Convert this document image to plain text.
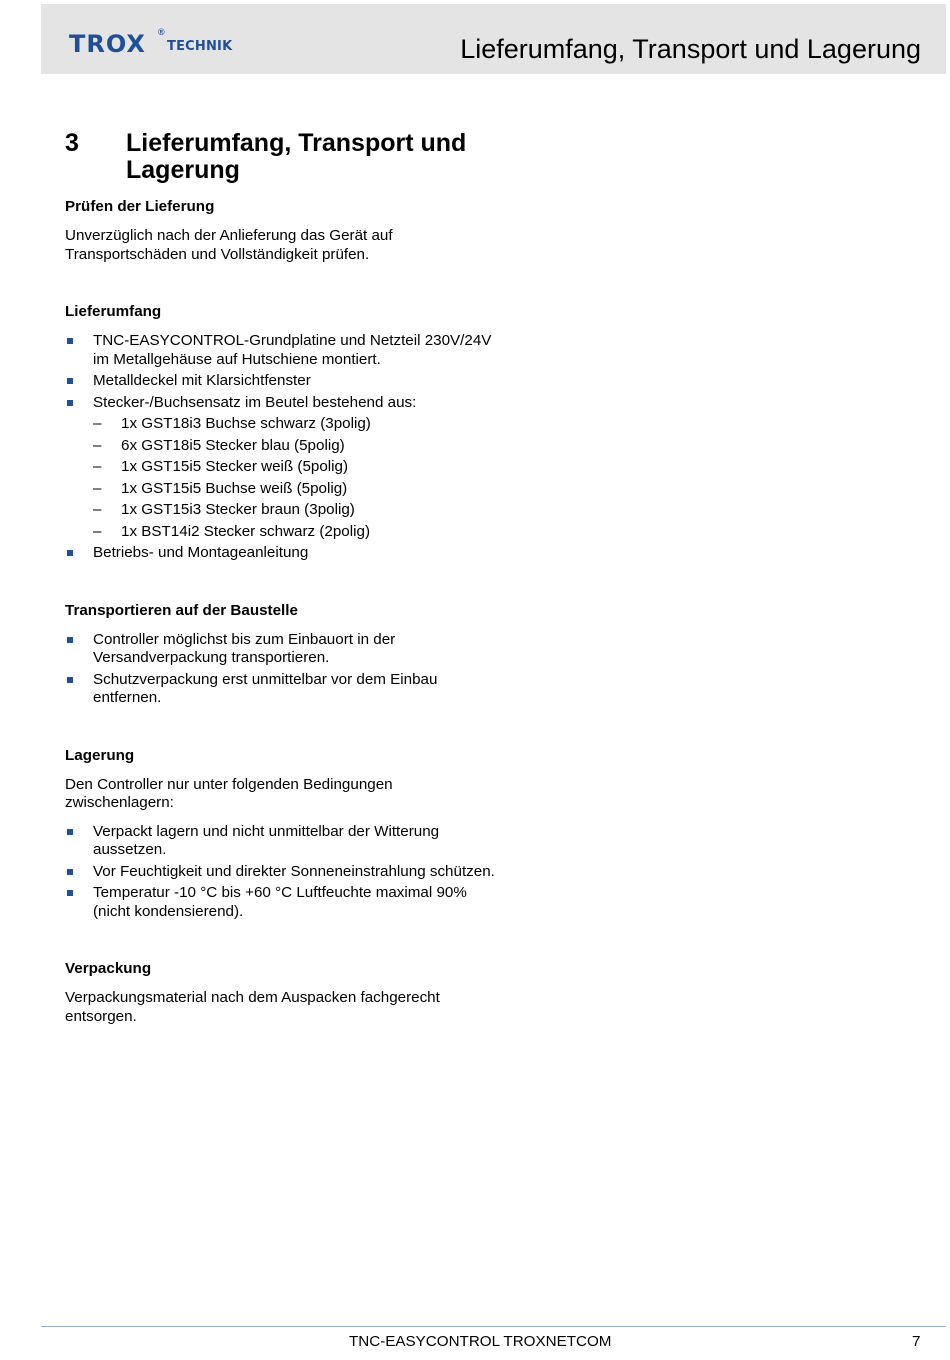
TROX ®
TECHNIK	Lieferumfang, Transport und Lagerung
3 Lieferumfang, Transport und Lagerung
Prüfen der Lieferung

Unverzüglich nach der Anlieferung das Gerät auf Transportschäden und Vollständigkeit prüfen.

Lieferumfang
TNC-EASYCONTROL-Grundplatine und Netzteil 230V/24V im Metallgehäuse auf Hutschiene montiert.
Metalldeckel mit Klarsichtfenster
Stecker-/Buchsensatz im Beutel bestehend aus:
– 1x GST18i3 Buchse schwarz (3polig)
– 6x GST18i5 Stecker blau (5polig)
– 1x GST15i5 Stecker weiß (5polig)
– 1x GST15i5 Buchse weiß (5polig)
– 1x GST15i3 Stecker braun (3polig)
– 1x BST14i2 Stecker schwarz (2polig)
Betriebs- und Montageanleitung
Transportieren auf der Baustelle
Controller möglichst bis zum Einbauort in der Versandverpackung transportieren.
Schutzverpackung erst unmittelbar vor dem Einbau entfernen.
Lagerung

Den Controller nur unter folgenden Bedingungen zwischenlagern:

Verpackt lagern und nicht unmittelbar der Witterung aussetzen.
Vor Feuchtigkeit und direkter Sonneneinstrahlung schützen.
Temperatur -10 °C bis +60 °C Luftfeuchte maximal 90% (nicht kondensierend).
Verpackung

Verpackungsmaterial nach dem Auspacken fachgerecht entsorgen.

TNC-EASYCONTROL TROXNETCOM	7
